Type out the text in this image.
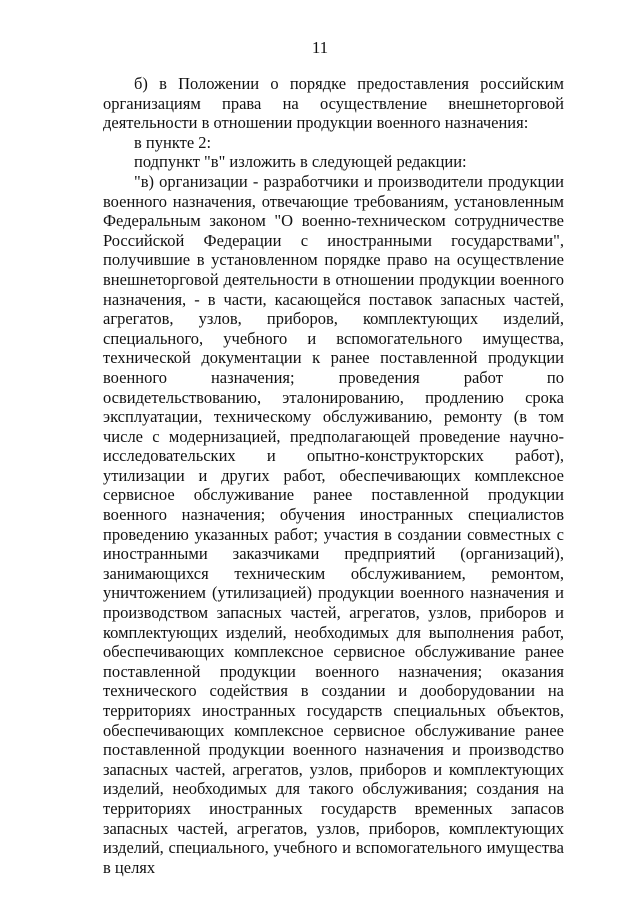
11

б) в Положении о порядке предоставления российским организациям права на осуществление внешнеторговой деятельности в отношении продукции военного назначения:

в пункте 2:

подпункт "в" изложить в следующей редакции:

"в) организации - разработчики и производители продукции военного назначения, отвечающие требованиям, установленным Федеральным законом "О военно-техническом сотрудничестве Российской Федерации с иностранными государствами", получившие в установленном порядке право на осуществление внешнеторговой деятельности в отношении продукции военного назначения, - в части, касающейся поставок запасных частей, агрегатов, узлов, приборов, комплектующих изделий, специального, учебного и вспомогательного имущества, технической документации к ранее поставленной продукции военного назначения; проведения работ по освидетельствованию, эталонированию, продлению срока эксплуатации, техническому обслуживанию, ремонту (в том числе с модернизацией, предполагающей проведение научно-исследовательских и опытно-конструкторских работ), утилизации и других работ, обеспечивающих комплексное сервисное обслуживание ранее поставленной продукции военного назначения; обучения иностранных специалистов проведению указанных работ; участия в создании совместных с иностранными заказчиками предприятий (организаций), занимающихся техническим обслуживанием, ремонтом, уничтожением (утилизацией) продукции военного назначения и производством запасных частей, агрегатов, узлов, приборов и комплектующих изделий, необходимых для выполнения работ, обеспечивающих комплексное сервисное обслуживание ранее поставленной продукции военного назначения; оказания технического содействия в создании и дооборудовании на территориях иностранных государств специальных объектов, обеспечивающих комплексное сервисное обслуживание ранее поставленной продукции военного назначения и производство запасных частей, агрегатов, узлов, приборов и комплектующих изделий, необходимых для такого обслуживания; создания на территориях иностранных государств временных запасов запасных частей, агрегатов, узлов, приборов, комплектующих изделий, специального, учебного и вспомогательного имущества в целях
